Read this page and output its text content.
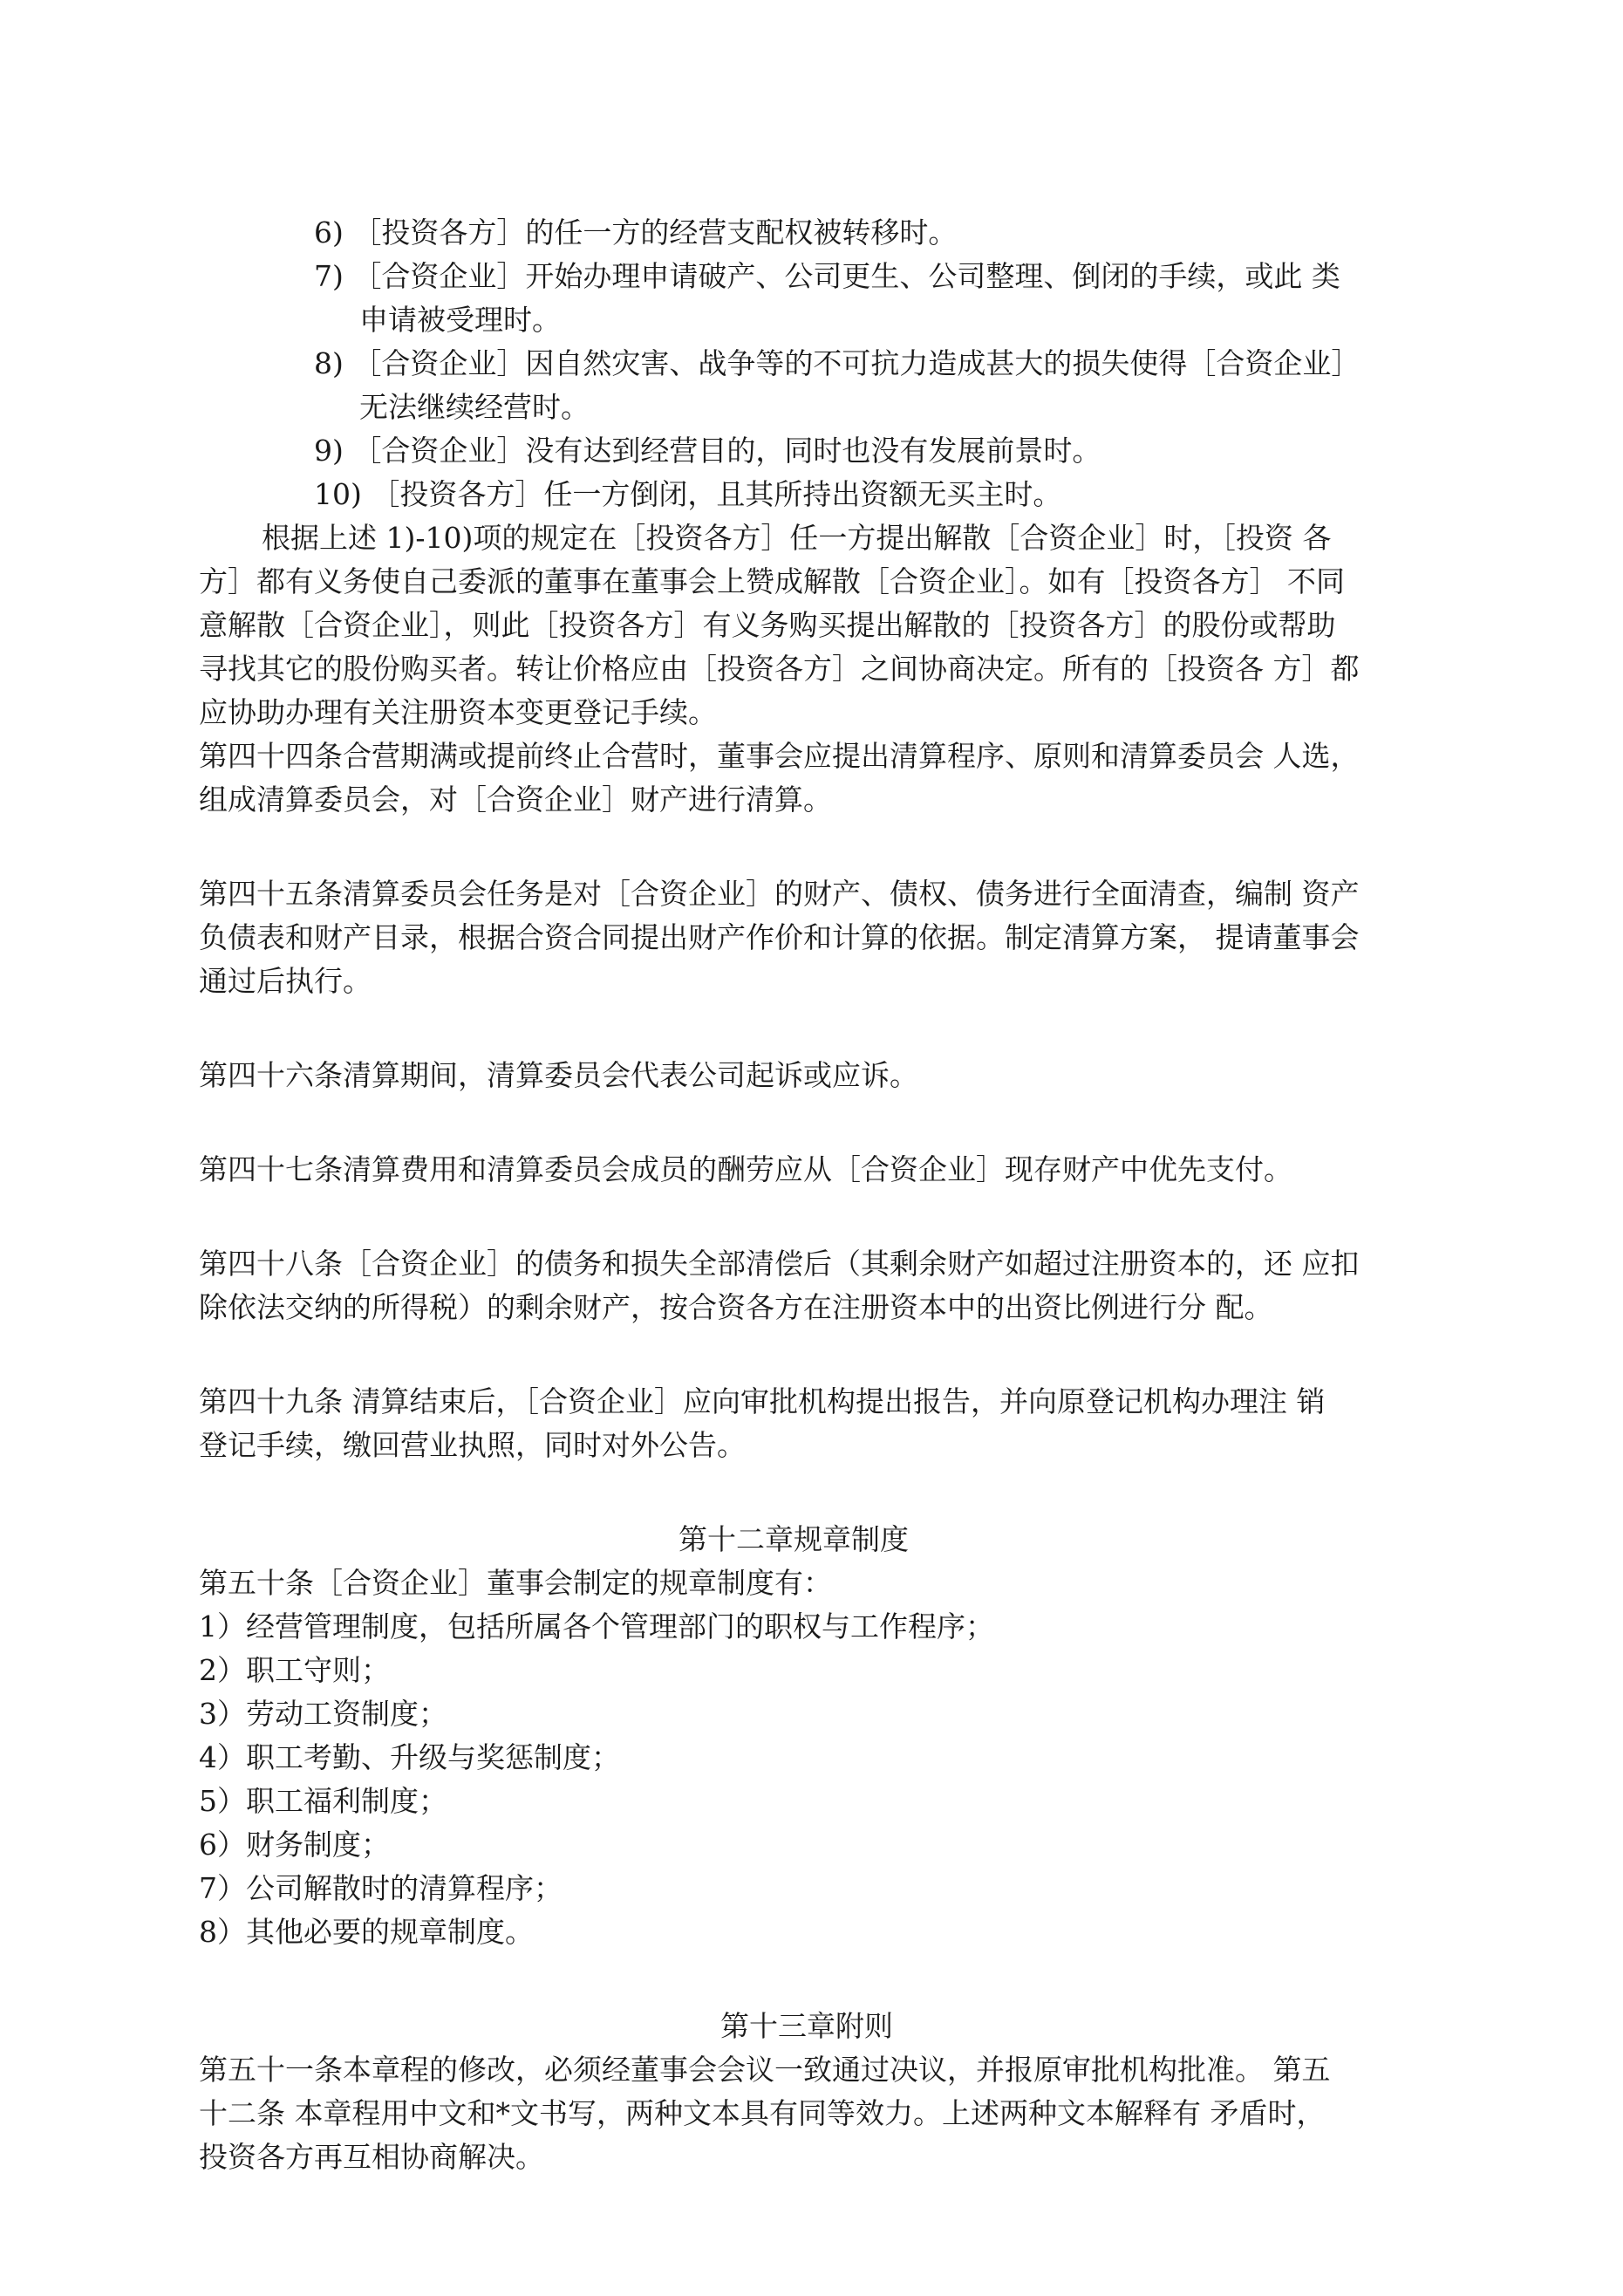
6) ［投资各方］的任一方的经营支配权被转移时。
7) ［合资企业］开始办理申请破产、公司更生、公司整理、倒闭的手续，或此 类
申请被受理时。
8) ［合资企业］因自然灾害、战争等的不可抗力造成甚大的损失使得［合资企业］
无法继续经营时。
9) ［合资企业］没有达到经营目的，同时也没有发展前景时。
10) ［投资各方］任一方倒闭，且其所持出资额无买主时。
根据上述 1)-10)项的规定在［投资各方］任一方提出解散［合资企业］时，［投资 各
方］都有义务使自己委派的董事在董事会上赞成解散［合资企业］。如有［投资各方］ 不同
意解散［合资企业］，则此［投资各方］有义务购买提出解散的［投资各方］的股份或帮助
寻找其它的股份购买者。转让价格应由［投资各方］之间协商决定。所有的［投资各 方］都
应协助办理有关注册资本变更登记手续。
第四十四条合营期满或提前终止合营时，董事会应提出清算程序、原则和清算委员会 人选，
组成清算委员会，对［合资企业］财产进行清算。
第四十五条清算委员会任务是对［合资企业］的财产、债权、债务进行全面清查，编制 资产
负债表和财产目录，根据合资合同提出财产作价和计算的依据。制定清算方案， 提请董事会
通过后执行。
第四十六条清算期间，清算委员会代表公司起诉或应诉。
第四十七条清算费用和清算委员会成员的酬劳应从［合资企业］现存财产中优先支付。
第四十八条［合资企业］的债务和损失全部清偿后（其剩余财产如超过注册资本的，还 应扣
除依法交纳的所得税）的剩余财产，按合资各方在注册资本中的出资比例进行分 配。
第四十九条 清算结束后，［合资企业］应向审批机构提出报告，并向原登记机构办理注 销
登记手续，缴回营业执照，同时对外公告。
第十二章规章制度
第五十条［合资企业］董事会制定的规章制度有：
1）经营管理制度，包括所属各个管理部门的职权与工作程序；
2）职工守则；
3）劳动工资制度；
4）职工考勤、升级与奖惩制度；
5）职工福利制度；
6）财务制度；
7）公司解散时的清算程序；
8）其他必要的规章制度。
第十三章附则
第五十一条本章程的修改，必须经董事会会议一致通过决议，并报原审批机构批准。 第五
十二条 本章程用中文和*文书写，两种文本具有同等效力。上述两种文本解释有 矛盾时，
投资各方再互相协商解决。
